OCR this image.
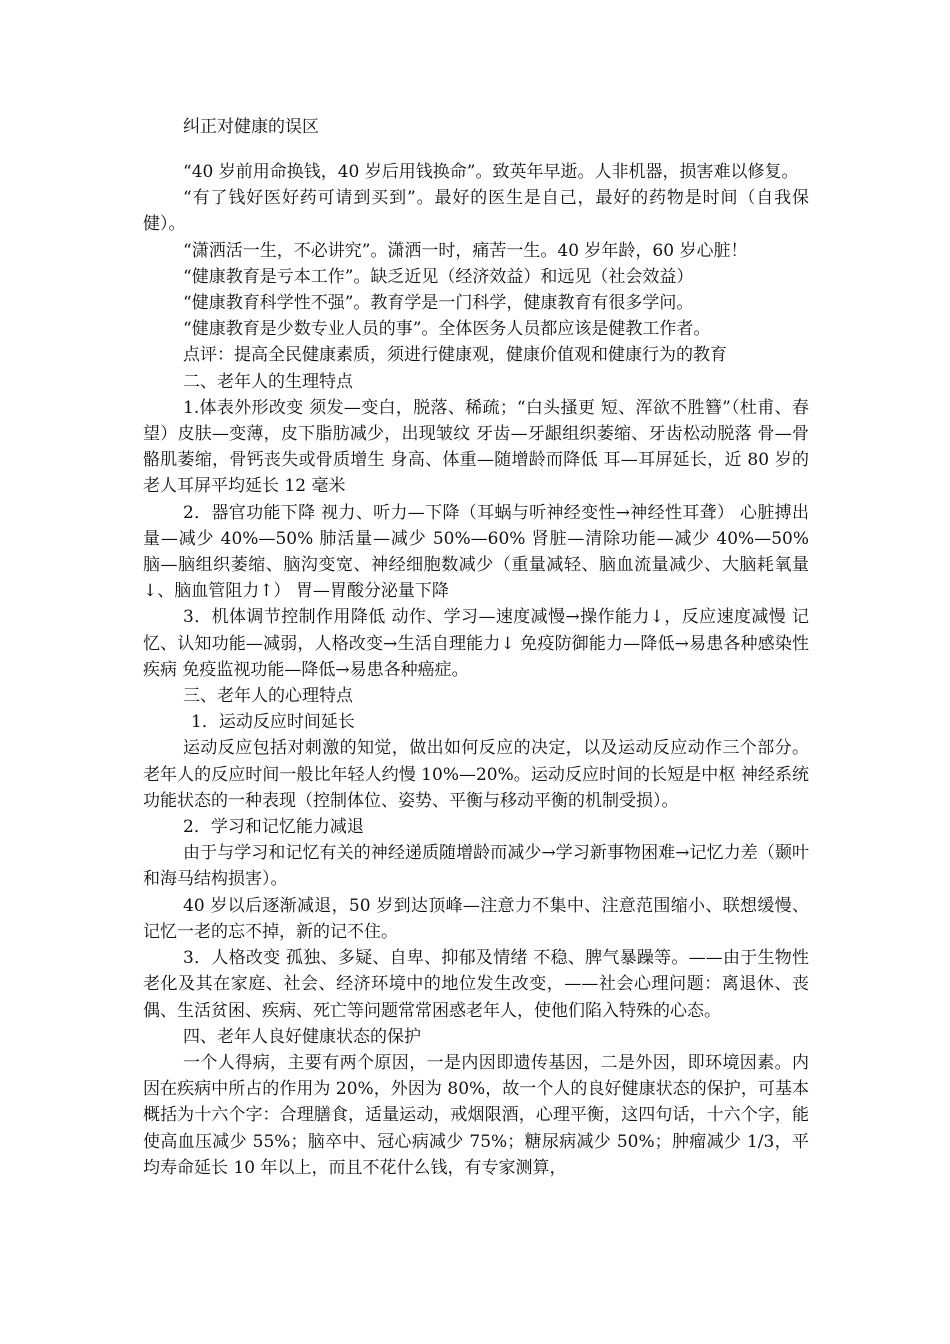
纠正对健康的误区

“40 岁前用命换钱，40 岁后用钱换命”。致英年早逝。人非机器，损害难以修复。

“有了钱好医好药可请到买到”。最好的医生是自己，最好的药物是时间（自我保健）。

“潇洒活一生，不必讲究”。潇洒一时，痛苦一生。40 岁年龄，60 岁心脏！

“健康教育是亏本工作”。缺乏近见（经济效益）和远见（社会效益）

“健康教育科学性不强”。教育学是一门科学，健康教育有很多学问。

“健康教育是少数专业人员的事”。全体医务人员都应该是健教工作者。

点评：提高全民健康素质，须进行健康观，健康价值观和健康行为的教育

二、老年人的生理特点

1.体表外形改变 须发—变白，脱落、稀疏；“白头搔更 短、浑欲不胜簪”（杜甫、春望）皮肤—变薄，皮下脂肪减少，出现皱纹 牙齿—牙龈组织萎缩、牙齿松动脱落 骨—骨骼肌萎缩，骨钙丧失或骨质增生 身高、体重—随增龄而降低 耳—耳屏延长，近 80 岁的老人耳屏平均延长 12 毫米

2．器官功能下降 视力、听力—下降（耳蜗与听神经变性→神经性耳聋） 心脏搏出量—减少 40%—50% 肺活量—减少 50%—60% 肾脏—清除功能—减少 40%—50% 脑—脑组织萎缩、脑沟变宽、神经细胞数减少（重量减轻、脑血流量减少、大脑耗氧量↓、脑血管阻力↑） 胃—胃酸分泌量下降

3．机体调节控制作用降低 动作、学习—速度减慢→操作能力↓，反应速度减慢 记忆、认知功能—减弱，人格改变→生活自理能力↓ 免疫防御能力—降低→易患各种感染性疾病 免疫监视功能—降低→易患各种癌症。

三、老年人的心理特点

1．运动反应时间延长

运动反应包括对刺激的知觉，做出如何反应的决定，以及运动反应动作三个部分。老年人的反应时间一般比年轻人约慢 10%—20%。运动反应时间的长短是中枢 神经系统功能状态的一种表现（控制体位、姿势、平衡与移动平衡的机制受损）。

2．学习和记忆能力减退

由于与学习和记忆有关的神经递质随增龄而减少→学习新事物困难→记忆力差（颞叶和海马结构损害）。

40 岁以后逐渐减退，50 岁到达顶峰—注意力不集中、注意范围缩小、联想缓慢、记忆一老的忘不掉，新的记不住。

3．人格改变 孤独、多疑、自卑、抑郁及情绪 不稳、脾气暴躁等。——由于生物性老化及其在家庭、社会、经济环境中的地位发生改变，——社会心理问题：离退休、丧偶、生活贫困、疾病、死亡等问题常常困惑老年人，使他们陷入特殊的心态。

四、老年人良好健康状态的保护

一个人得病，主要有两个原因，一是内因即遗传基因，二是外因，即环境因素。内因在疾病中所占的作用为 20%，外因为 80%，故一个人的良好健康状态的保护，可基本概括为十六个字：合理膳食，适量运动，戒烟限酒，心理平衡，这四句话，十六个字，能使高血压减少 55%；脑卒中、冠心病减少 75%；糖尿病减少 50%；肿瘤减少 1/3，平均寿命延长 10 年以上，而且不花什么钱，有专家测算，
